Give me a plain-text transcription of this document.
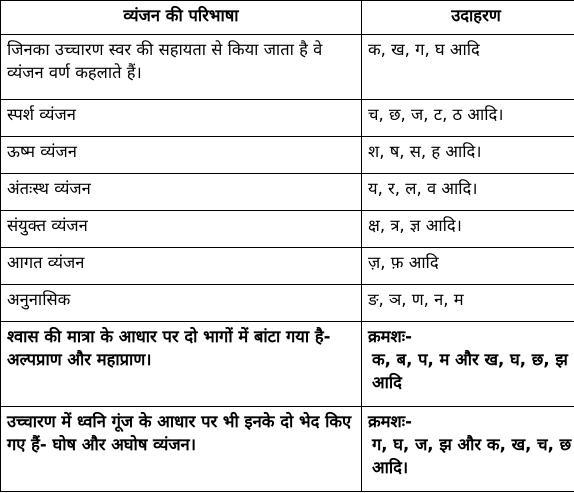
व्यंजन की परिभाषा	उदाहरण
जिनका उच्चारण स्वर की सहायता से किया जाता है वे व्यंजन वर्ण कहलाते हैं।	क, ख, ग, घ आदि
स्पर्श व्यंजन	च, छ, ज, ट, ठ आदि।
ऊष्म व्यंजन	श, ष, स, ह आदि।
अंतःस्थ व्यंजन	य, र, ल, व आदि।
संयुक्त व्यंजन	क्ष, त्र, ज्ञ आदि।
आगत व्यंजन	ज़, फ़ आदि
अनुनासिक	ङ, ञ, ण, न, म
श्वास की मात्रा के आधार पर दो भागों में बांटा गया है- अल्पप्राण और महाप्राण।	क्रमशः-
क, ब, प, म और ख, घ, छ, झ आदि

उच्चारण में ध्वनि गूंज के आधार पर भी इनके दो भेद किए गए हैं- घोष और अघोष व्यंजन।	क्रमशः-
ग, घ, ज, झ और क, ख, च, छ आदि।
